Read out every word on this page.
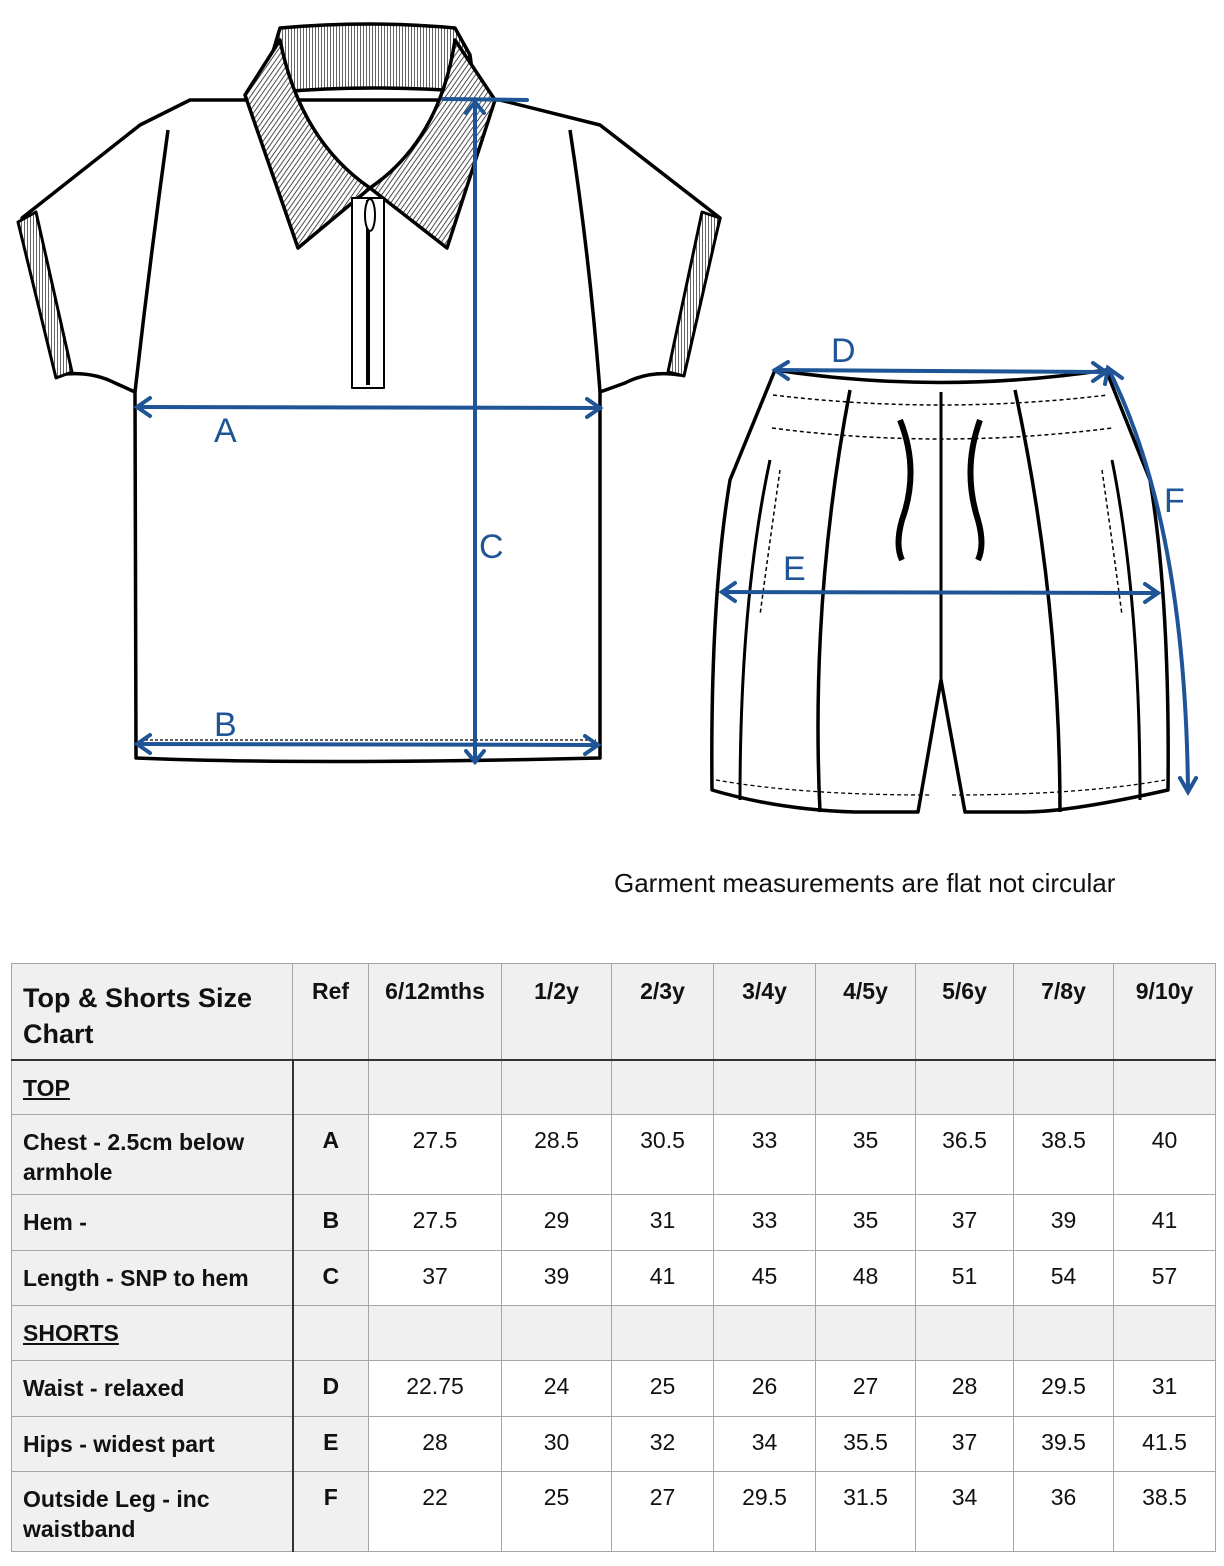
A
B
C
D
E
F
Garment measurements are flat not circular
Top & Shorts Size Chart	Ref	6/12mths	1/2y	2/3y	3/4y	4/5y	5/6y	7/8y	9/10y
TOP									
Chest - 2.5cm below armhole	A	27.5	28.5	30.5	33	35	36.5	38.5	40
Hem -	B	27.5	29	31	33	35	37	39	41
Length - SNP to hem	C	37	39	41	45	48	51	54	57
SHORTS									
Waist - relaxed	D	22.75	24	25	26	27	28	29.5	31
Hips - widest part	E	28	30	32	34	35.5	37	39.5	41.5
Outside Leg - inc waistband	F	22	25	27	29.5	31.5	34	36	38.5
